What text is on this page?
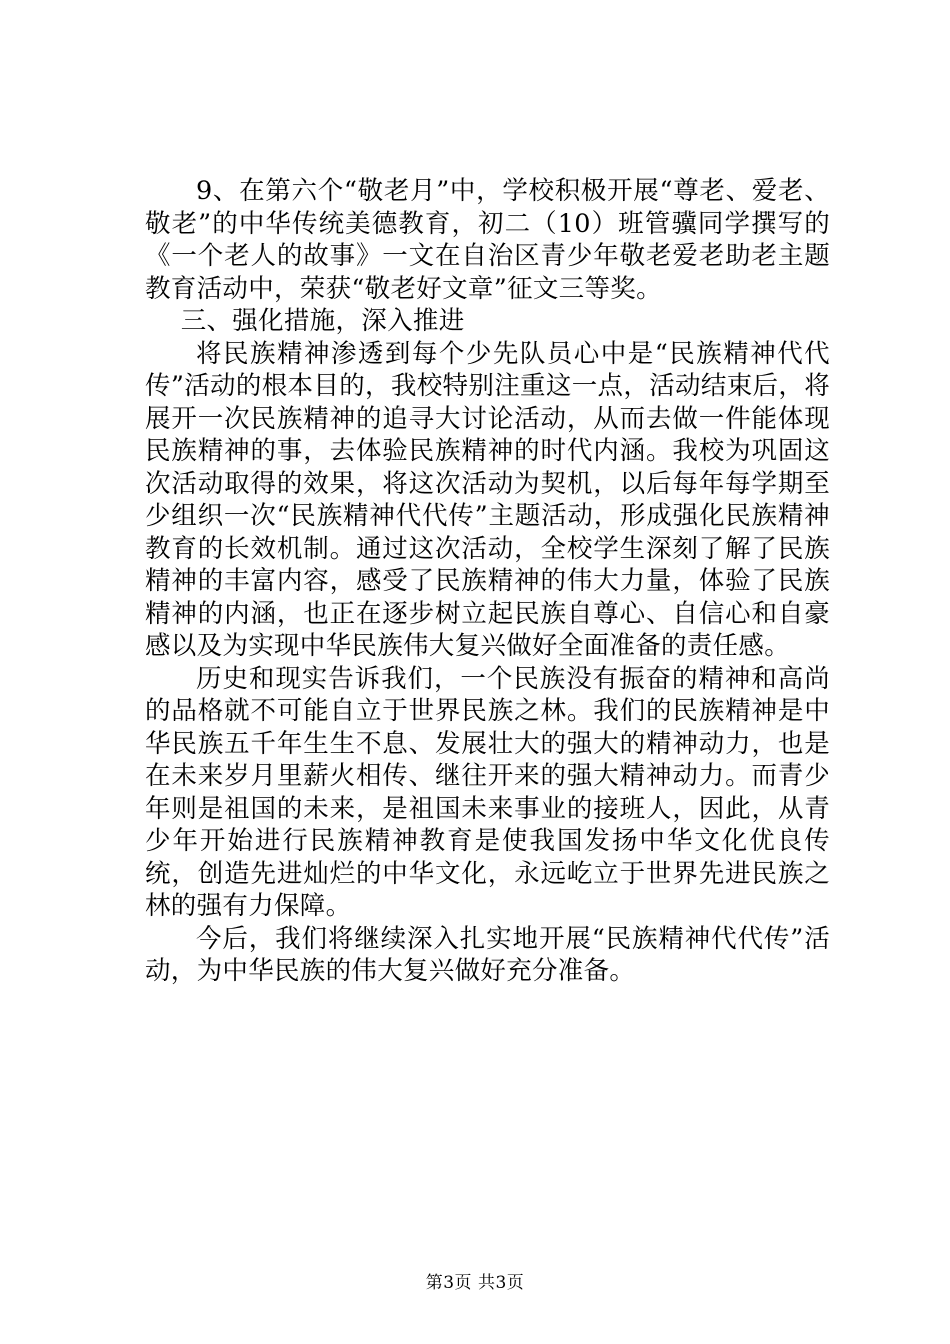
9、在第六个“敬老月”中，学校积极开展“尊老、爱老、敬老”的中华传统美德教育，初二（10）班管骥同学撰写的《一个老人的故事》一文在自治区青少年敬老爱老助老主题教育活动中，荣获“敬老好文章”征文三等奖。

三、强化措施，深入推进

将民族精神渗透到每个少先队员心中是“民族精神代代传”活动的根本目的，我校特别注重这一点，活动结束后，将展开一次民族精神的追寻大讨论活动，从而去做一件能体现民族精神的事，去体验民族精神的时代内涵。我校为巩固这次活动取得的效果，将这次活动为契机，以后每年每学期至少组织一次“民族精神代代传”主题活动，形成强化民族精神教育的长效机制。通过这次活动，全校学生深刻了解了民族精神的丰富内容，感受了民族精神的伟大力量，体验了民族精神的内涵，也正在逐步树立起民族自尊心、自信心和自豪感以及为实现中华民族伟大复兴做好全面准备的责任感。

历史和现实告诉我们，一个民族没有振奋的精神和高尚的品格就不可能自立于世界民族之林。我们的民族精神是中华民族五千年生生不息、发展壮大的强大的精神动力，也是在未来岁月里薪火相传、继往开来的强大精神动力。而青少年则是祖国的未来，是祖国未来事业的接班人，因此，从青少年开始进行民族精神教育是使我国发扬中华文化优良传统，创造先进灿烂的中华文化，永远屹立于世界先进民族之林的强有力保障。

今后，我们将继续深入扎实地开展“民族精神代代传”活动，为中华民族的伟大复兴做好充分准备。

第3页 共3页
